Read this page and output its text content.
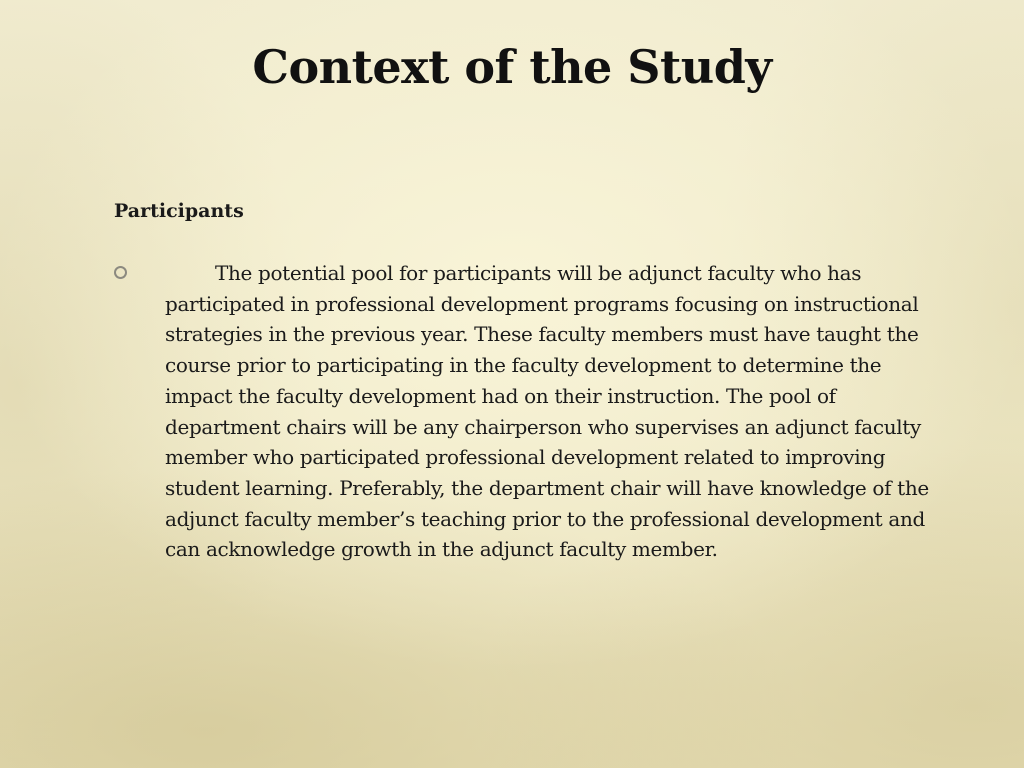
Context of the Study
Participants

The potential pool for participants will be adjunct faculty who has participated in professional development programs focusing on instructional strategies in the previous year. These faculty members must have taught the course prior to participating in the faculty development to determine the impact the faculty development had on their instruction. The pool of department chairs will be any chairperson who supervises an adjunct faculty member who participated professional development related to improving student learning. Preferably, the department chair will have knowledge of the adjunct faculty member’s teaching prior to the professional development and can acknowledge growth in the adjunct faculty member.
